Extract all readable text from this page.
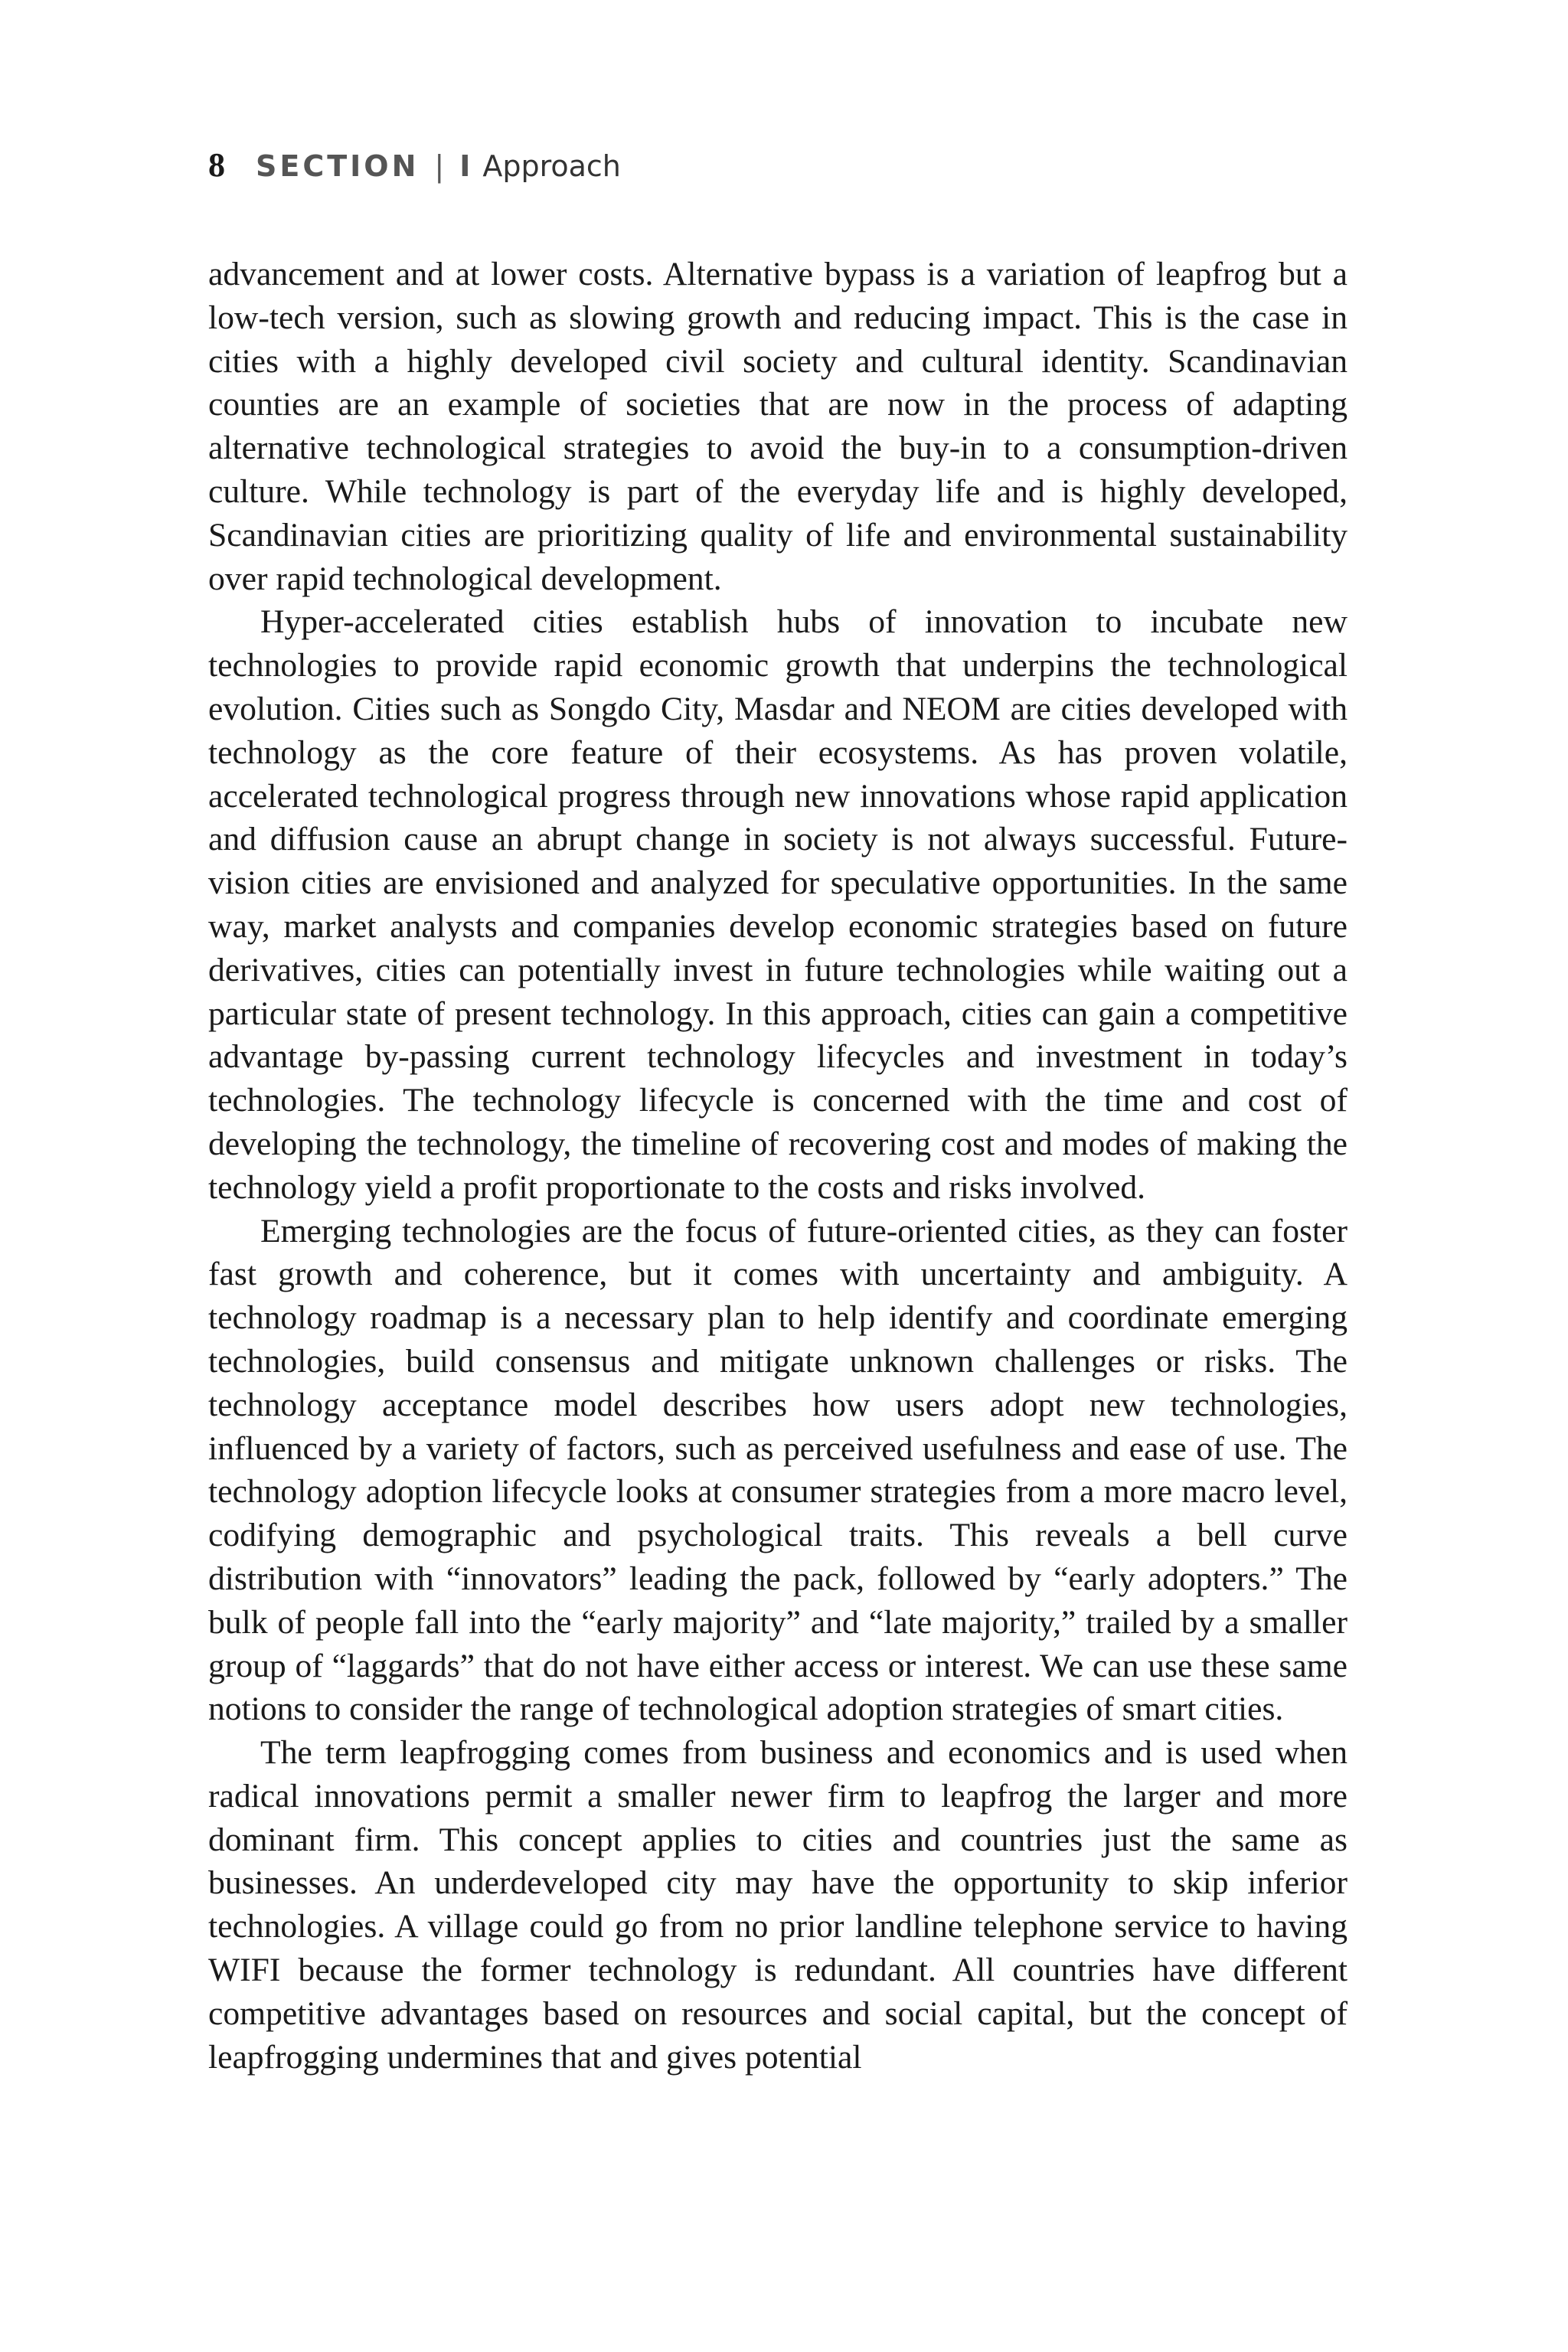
8 SECTION | I Approach

advancement and at lower costs. Alternative bypass is a variation of leapfrog but a low-tech version, such as slowing growth and reducing impact. This is the case in cities with a highly developed civil society and cultural identity. Scandinavian counties are an example of societies that are now in the process of adapting alternative technological strategies to avoid the buy-in to a consumption-driven culture. While technology is part of the everyday life and is highly developed, Scandinavian cities are prioritizing quality of life and environmental sustainability over rapid technological development.

Hyper-accelerated cities establish hubs of innovation to incubate new technologies to provide rapid economic growth that underpins the technological evolution. Cities such as Songdo City, Masdar and NEOM are cities developed with technology as the core feature of their ecosystems. As has proven volatile, accelerated technological progress through new innovations whose rapid application and diffusion cause an abrupt change in society is not always successful. Future-vision cities are envisioned and analyzed for speculative opportunities. In the same way, market analysts and companies develop economic strategies based on future derivatives, cities can potentially invest in future technologies while waiting out a particular state of present technology. In this approach, cities can gain a competitive advantage by-passing current technology lifecycles and investment in today’s technologies. The technology lifecycle is concerned with the time and cost of developing the technology, the timeline of recovering cost and modes of making the technology yield a profit proportionate to the costs and risks involved.

Emerging technologies are the focus of future-oriented cities, as they can foster fast growth and coherence, but it comes with uncertainty and ambiguity. A technology roadmap is a necessary plan to help identify and coordinate emerging technologies, build consensus and mitigate unknown challenges or risks. The technology acceptance model describes how users adopt new technologies, influenced by a variety of factors, such as perceived usefulness and ease of use. The technology adoption lifecycle looks at consumer strategies from a more macro level, codifying demographic and psychological traits. This reveals a bell curve distribution with “innovators” leading the pack, followed by “early adopters.” The bulk of people fall into the “early majority” and “late majority,” trailed by a smaller group of “laggards” that do not have either access or interest. We can use these same notions to consider the range of technological adoption strategies of smart cities.

The term leapfrogging comes from business and economics and is used when radical innovations permit a smaller newer firm to leapfrog the larger and more dominant firm. This concept applies to cities and countries just the same as businesses. An underdeveloped city may have the opportunity to skip inferior technologies. A village could go from no prior landline telephone service to having WIFI because the former technology is redundant. All countries have different competitive advantages based on resources and social capital, but the concept of leapfrogging undermines that and gives potential
